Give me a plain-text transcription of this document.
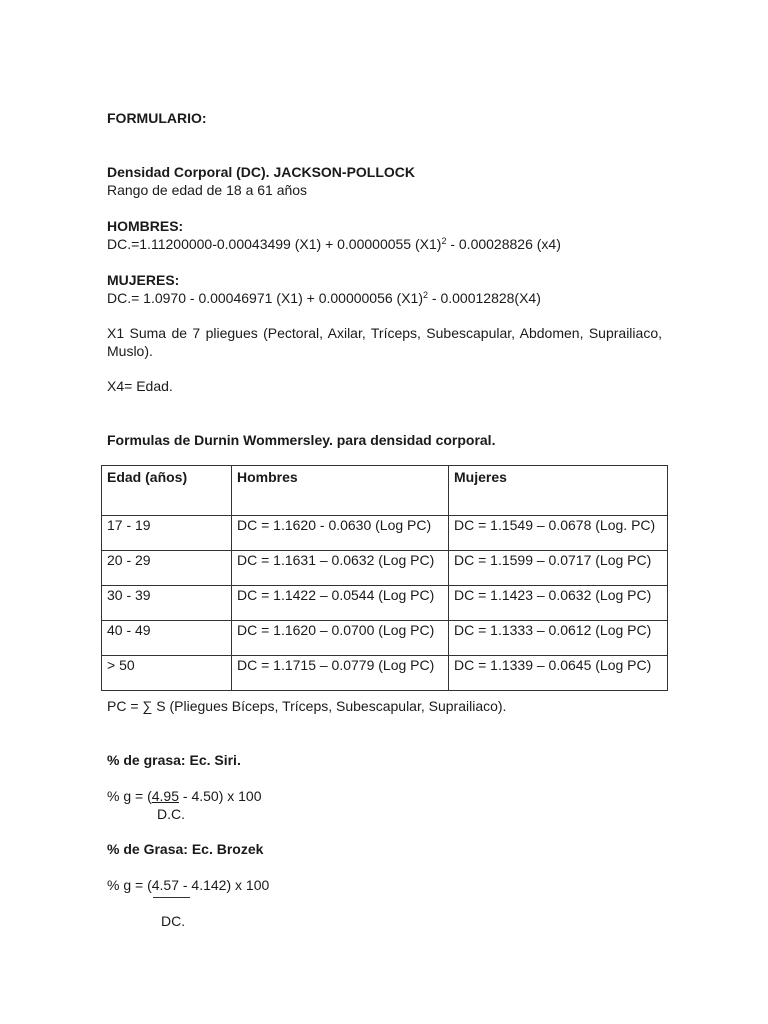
FORMULARIO:
Densidad Corporal (DC). JACKSON-POLLOCK
Rango de edad de 18 a 61 años
HOMBRES:
DC.=1.11200000-0.00043499 (X1) + 0.00000055 $(X1)^2 - 0.00028826$ (x4)
MUJERES:
DC.= 1.0970 - 0.00046971 (X1) + 0.00000056 $(X1)^2 - 0.00012828(X4)$
X1 Suma de 7 pliegues (Pectoral, Axilar, Tríceps, Subescapular, Abdomen, Suprailiaco, Muslo).
X4= Edad.
Formulas de Durnin Wommersley. para densidad corporal.
Edad (años)	Hombres	Mujeres
17 - 19	DC = 1.1620 - 0.0630 (Log PC)	DC = 1.1549 – 0.0678 (Log. PC)
20 - 29	DC = 1.1631 – 0.0632 (Log PC)	DC = 1.1599 – 0.0717 (Log PC)
30 - 39	DC = 1.1422 – 0.0544 (Log PC)	DC = 1.1423 – 0.0632 (Log PC)
40 - 49	DC = 1.1620 – 0.0700 (Log PC)	DC = 1.1333 – 0.0612 (Log PC)
> 50	DC = 1.1715 – 0.0779 (Log PC)	DC = 1.1339 – 0.0645 (Log PC)
PC = ∑ S (Pliegues Bíceps, Tríceps, Subescapular, Suprailiaco).
% de grasa: Ec. Siri.
% g = (4.95 - 4.50) x 100
D.C.
% de Grasa: Ec. Brozek
% g = (4.57 - 4.142) x 100
DC.
